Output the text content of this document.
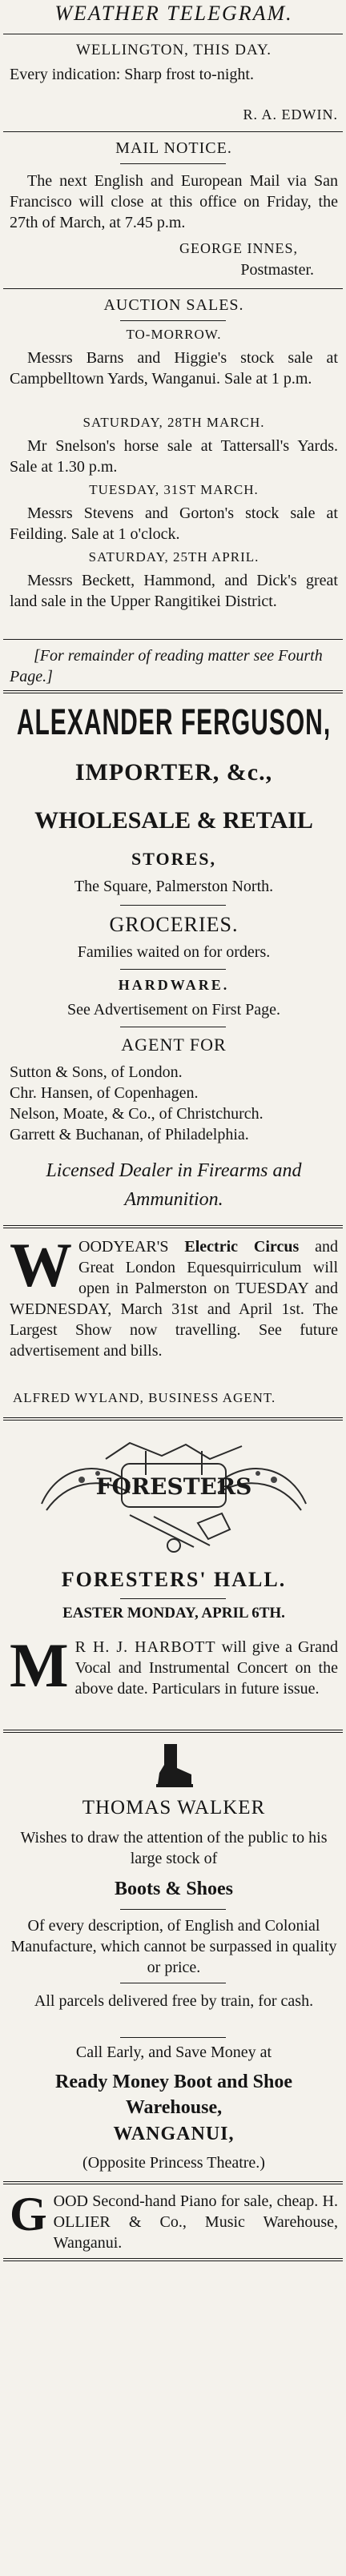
WEATHER TELEGRAM.
WELLINGTON, THIS DAY.

Every indication: Sharp frost to-night.

R. A. EDWIN.
MAIL NOTICE.

The next English and European Mail via San Francisco will close at this office on Friday, the 27th of March, at 7.45 p.m.

GEORGE INNES,
Postmaster.
AUCTION SALES.
TO-MORROW.

Messrs Barns and Higgie's stock sale at Campbelltown Yards, Wanganui. Sale at 1 p.m.

SATURDAY, 28TH MARCH.

Mr Snelson's horse sale at Tattersall's Yards. Sale at 1.30 p.m.

TUESDAY, 31ST MARCH.

Messrs Stevens and Gorton's stock sale at Feilding. Sale at 1 o'clock.

SATURDAY, 25TH APRIL.

Messrs Beckett, Hammond, and Dick's great land sale in the Upper Rangitikei District.

[For remainder of reading matter see Fourth Page.]

ALEXANDER FERGUSON,
IMPORTER, &c.,
WHOLESALE & RETAIL
STORES,
The Square, Palmerston North.
GROCERIES.
Families waited on for orders.
HARDWARE.
See Advertisement on First Page.
AGENT FOR

Sutton & Sons, of London.

Chr. Hansen, of Copenhagen.

Nelson, Moate, & Co., of Christchurch.

Garrett & Buchanan, of Philadelphia.

Licensed Dealer in Firearms and Ammunition.
W OODYEAR'S Electric Circus and Great London Equesquirriculum will open in Palmerston on TUESDAY and WEDNESDAY, March 31st and April 1st. The Largest Show now travelling. See future advertisement and bills.
ALFRED WYLAND, BUSINESS AGENT.
FORESTERS
FORESTERS' HALL.
EASTER MONDAY, APRIL 6TH.
M R H. J. HARBOTT will give a Grand Vocal and Instrumental Concert on the above date. Particulars in future issue.
THOMAS WALKER

Wishes to draw the attention of the public to his large stock of

Boots & Shoes

Of every description, of English and Colonial Manufacture, which cannot be surpassed in quality or price.

All parcels delivered free by train, for cash.

Call Early, and Save Money at
Ready Money Boot and Shoe Warehouse,
WANGANUI,
(Opposite Princess Theatre.)
G OOD Second-hand Piano for sale, cheap. H. OLLIER & Co., Music Warehouse, Wanganui.
